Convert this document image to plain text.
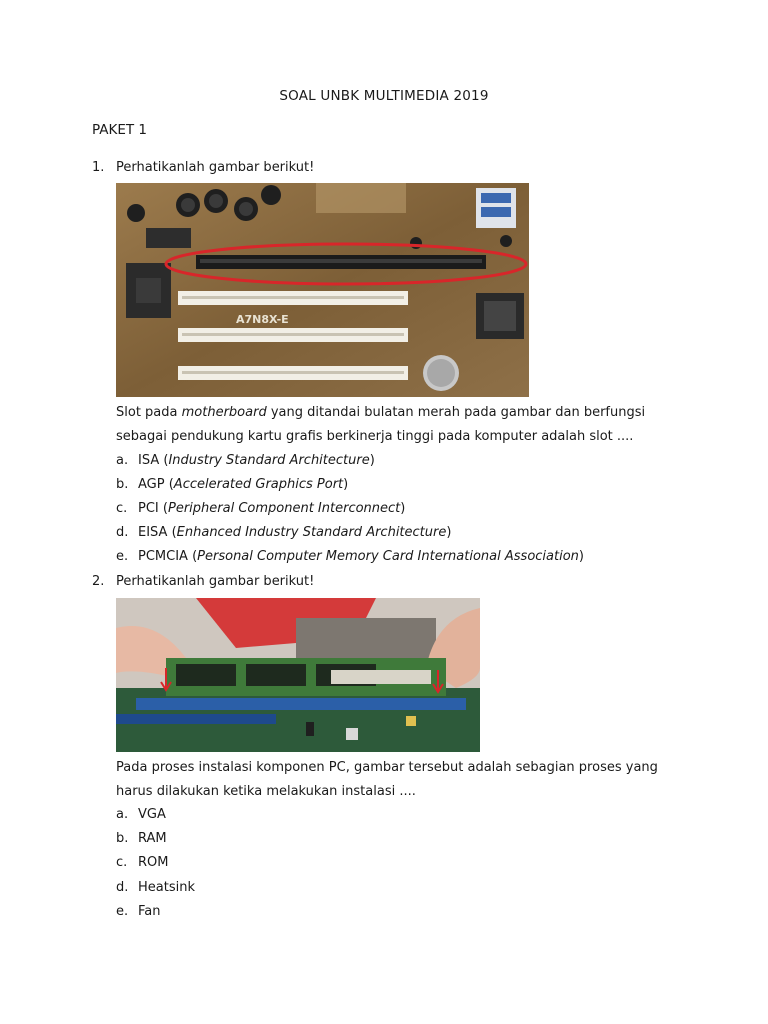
SOAL UNBK MULTIMEDIA 2019
PAKET 1
1. Perhatikanlah gambar berikut!
A7N8X-E
Slot pada motherboard yang ditandai bulatan merah pada gambar dan berfungsi sebagai pendukung kartu grafis berkinerja tinggi pada komputer adalah slot ....
a. ISA (Industry Standard Architecture)
b. AGP (Accelerated Graphics Port)
c. PCI (Peripheral Component Interconnect)
d. EISA (Enhanced Industry Standard Architecture)
e. PCMCIA (Personal Computer Memory Card International Association)
2. Perhatikanlah gambar berikut!
Pada proses instalasi komponen PC, gambar tersebut adalah sebagian proses yang harus dilakukan ketika melakukan instalasi ....
a. VGA
b. RAM
c. ROM
d. Heatsink
e. Fan
